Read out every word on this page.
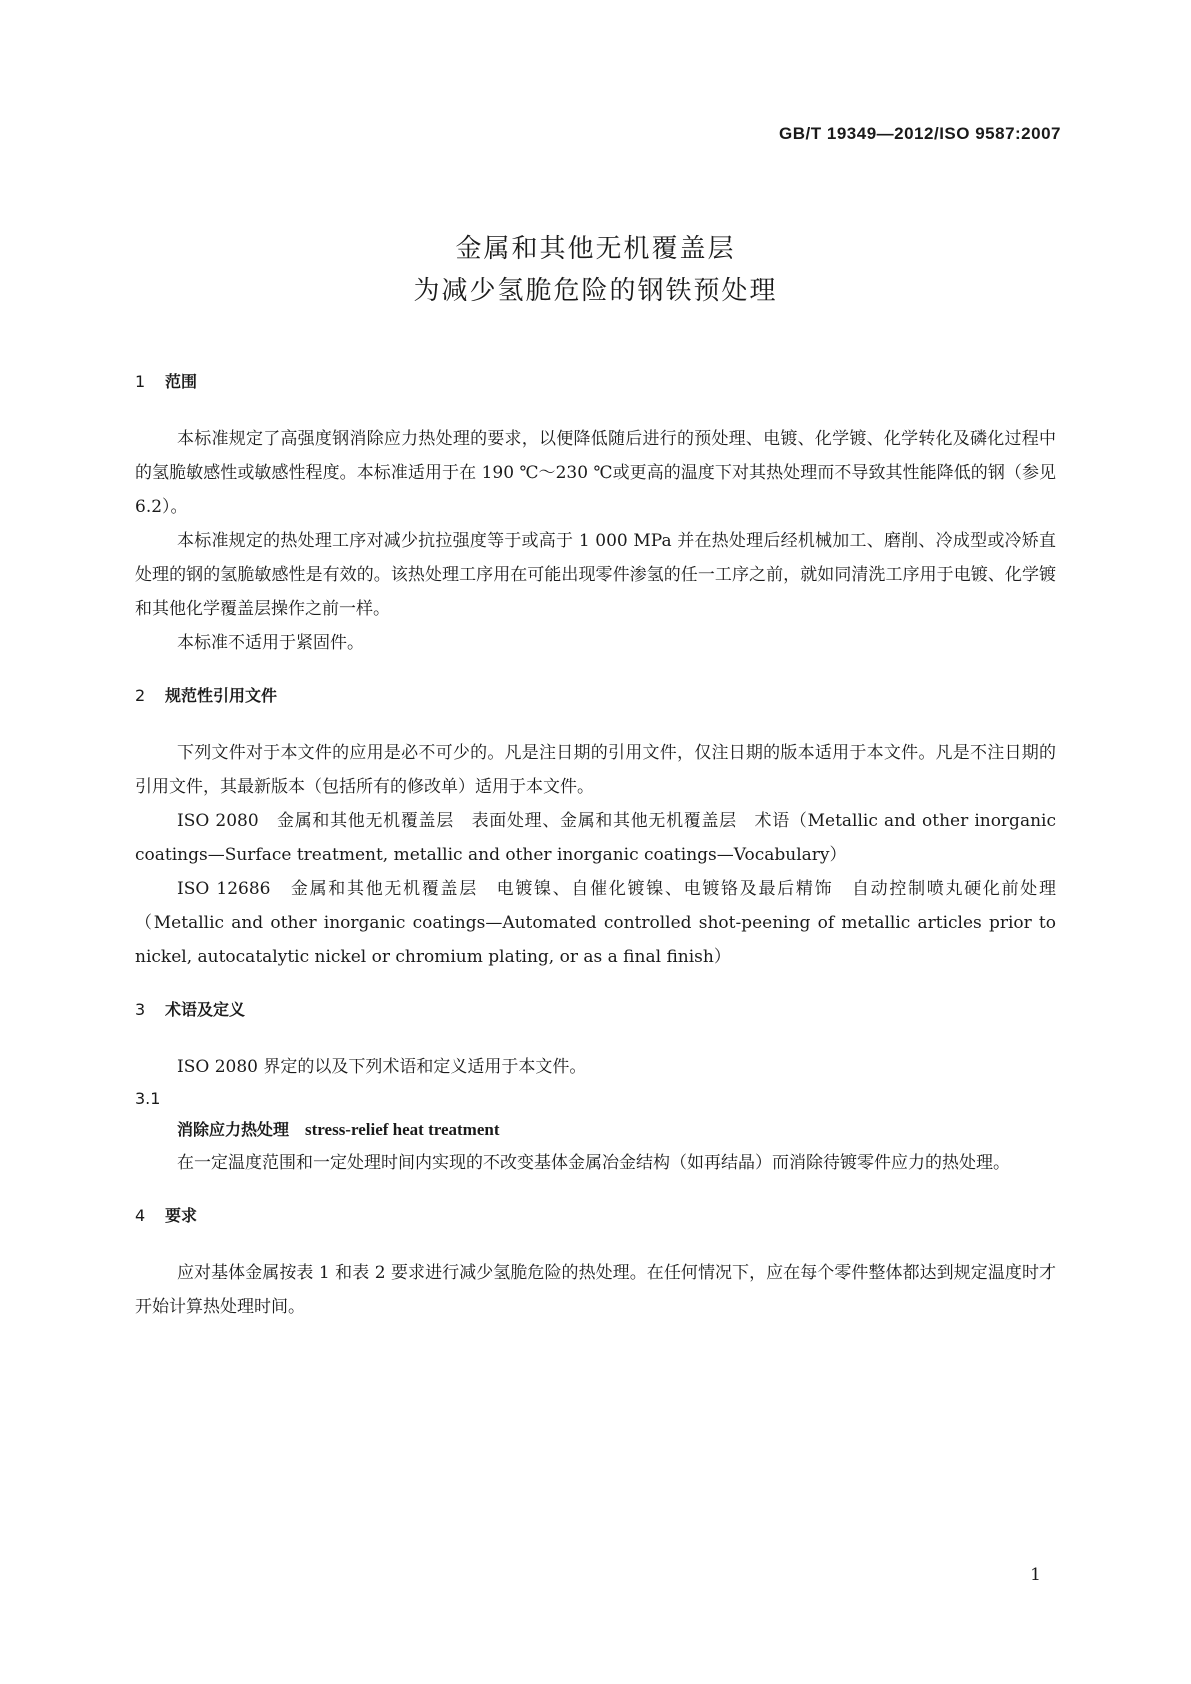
GB/T 19349—2012/ISO 9587:2007
金属和其他无机覆盖层
为减少氢脆危险的钢铁预处理
1 范围

本标准规定了高强度钢消除应力热处理的要求，以便降低随后进行的预处理、电镀、化学镀、化学转化及磷化过程中的氢脆敏感性或敏感性程度。本标准适用于在 190 ℃～230 ℃或更高的温度下对其热处理而不导致其性能降低的钢（参见 6.2）。

本标准规定的热处理工序对减少抗拉强度等于或高于 1 000 MPa 并在热处理后经机械加工、磨削、冷成型或冷矫直处理的钢的氢脆敏感性是有效的。该热处理工序用在可能出现零件渗氢的任一工序之前，就如同清洗工序用于电镀、化学镀和其他化学覆盖层操作之前一样。

本标准不适用于紧固件。

2 规范性引用文件

下列文件对于本文件的应用是必不可少的。凡是注日期的引用文件，仅注日期的版本适用于本文件。凡是不注日期的引用文件，其最新版本（包括所有的修改单）适用于本文件。

ISO 2080　金属和其他无机覆盖层　表面处理、金属和其他无机覆盖层　术语（Metallic and other inorganic coatings—Surface treatment, metallic and other inorganic coatings—Vocabulary）

ISO 12686　金属和其他无机覆盖层　电镀镍、自催化镀镍、电镀铬及最后精饰　自动控制喷丸硬化前处理（Metallic and other inorganic coatings—Automated controlled shot-peening of metallic articles prior to nickel, autocatalytic nickel or chromium plating, or as a final finish）

3 术语及定义

ISO 2080 界定的以及下列术语和定义适用于本文件。

3.1
消除应力热处理 stress-relief heat treatment

在一定温度范围和一定处理时间内实现的不改变基体金属冶金结构（如再结晶）而消除待镀零件应力的热处理。

4 要求

应对基体金属按表 1 和表 2 要求进行减少氢脆危险的热处理。在任何情况下，应在每个零件整体都达到规定温度时才开始计算热处理时间。

1
